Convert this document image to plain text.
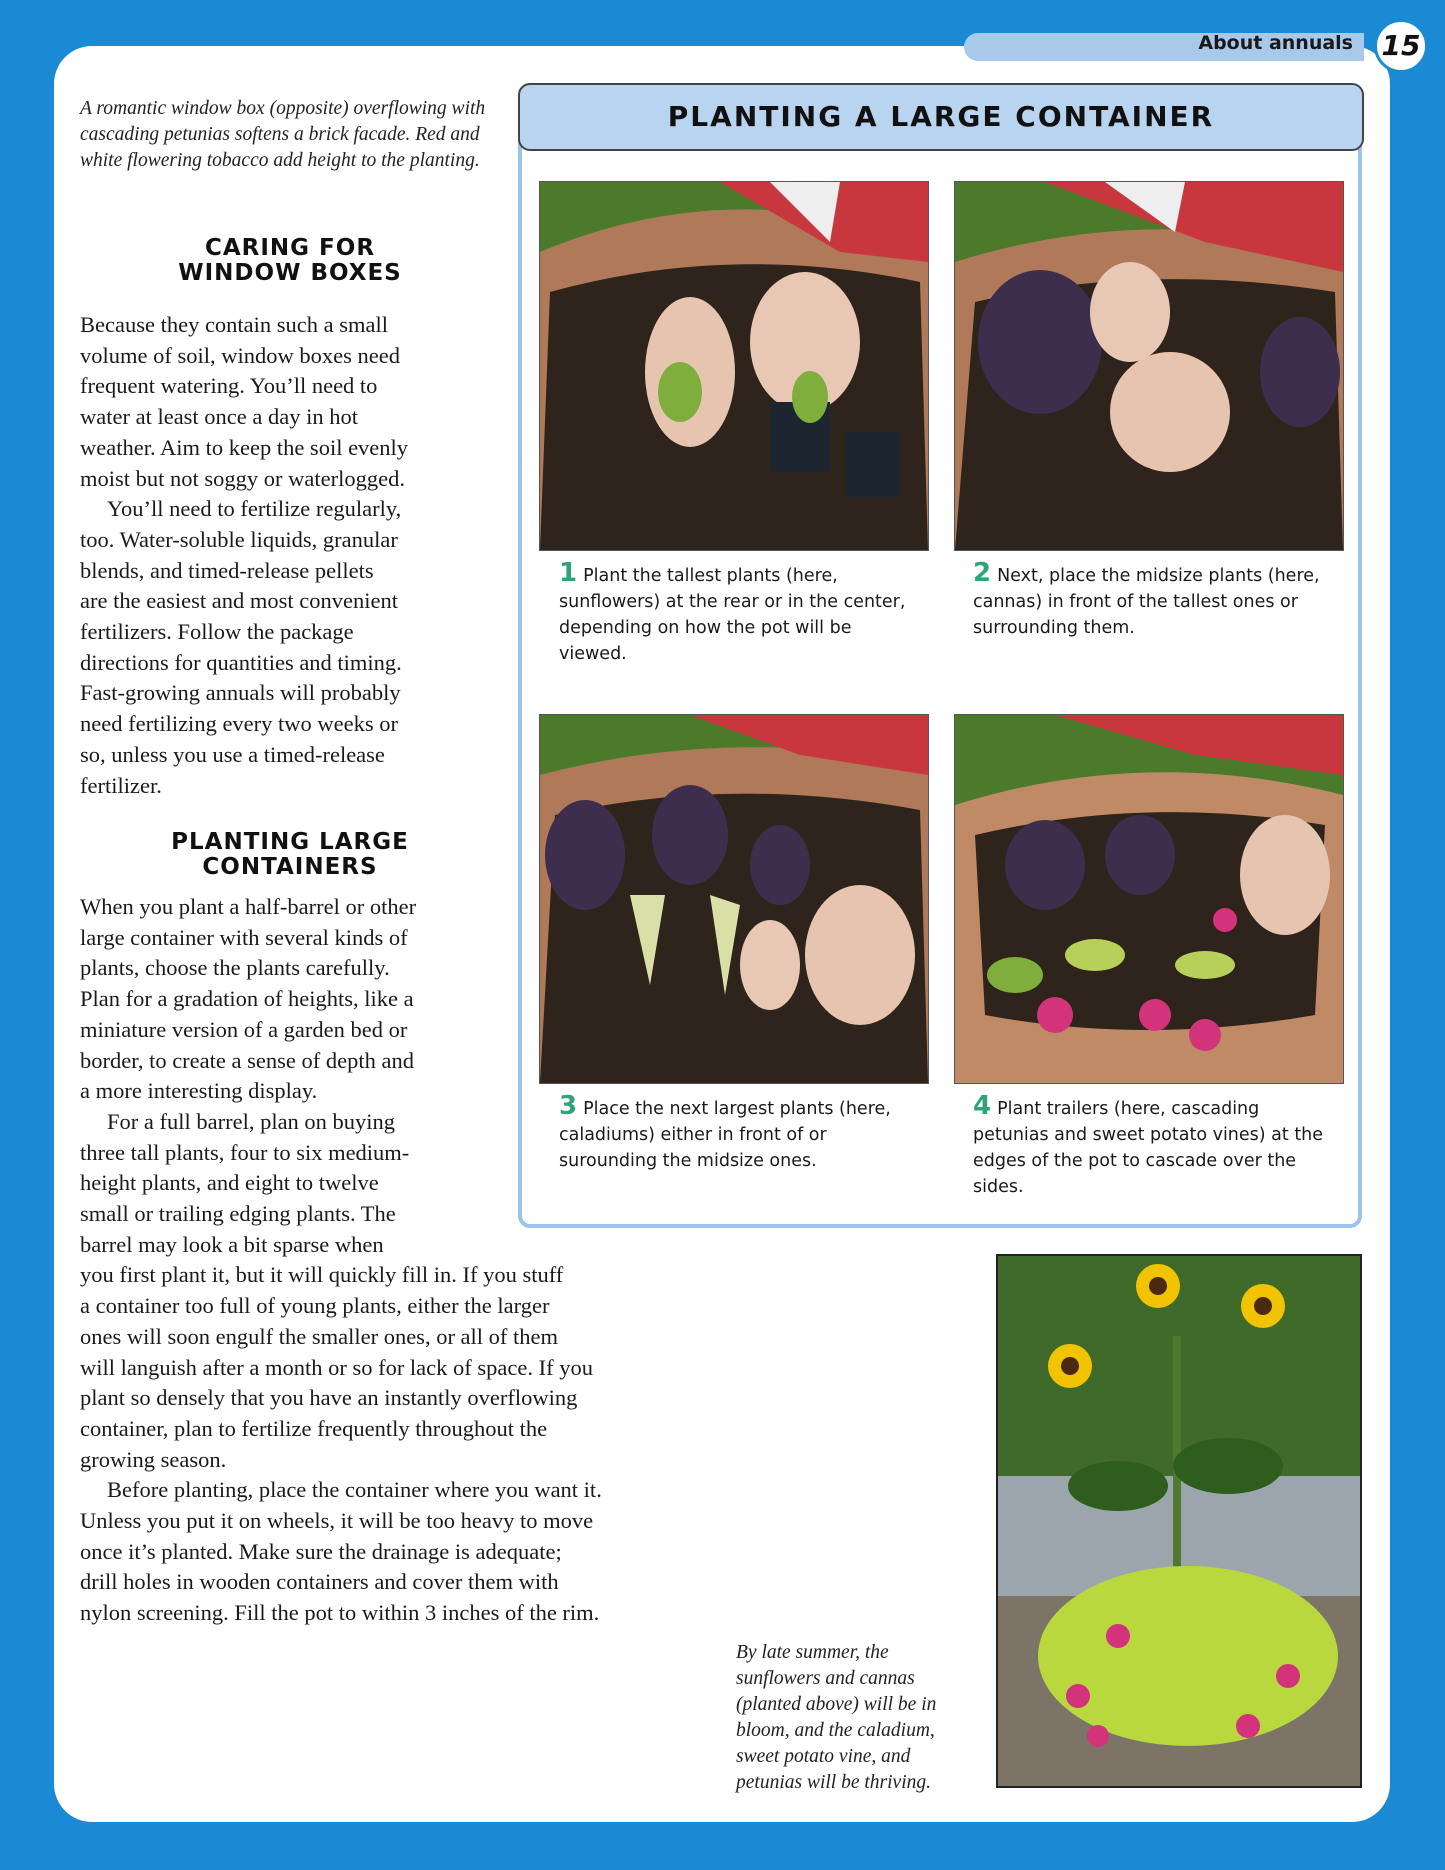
About annuals 15
A romantic window box (opposite) overflowing with cascading petunias softens a brick facade. Red and white flowering tobacco add height to the planting.
CARING FOR
WINDOW BOXES

Because they contain such a small
volume of soil, window boxes need
frequent watering. You’ll need to
water at least once a day in hot
weather. Aim to keep the soil evenly
moist but not soggy or waterlogged.

You’ll need to fertilize regularly,
too. Water-soluble liquids, granular
blends, and timed-release pellets
are the easiest and most convenient
fertilizers. Follow the package
directions for quantities and timing.
Fast-growing annuals will probably
need fertilizing every two weeks or
so, unless you use a timed-release
fertilizer.

PLANTING LARGE
CONTAINERS

When you plant a half-barrel or other
large container with several kinds of
plants, choose the plants carefully.
Plan for a gradation of heights, like a
miniature version of a garden bed or
border, to create a sense of depth and
a more interesting display.

For a full barrel, plan on buying
three tall plants, four to six medium-
height plants, and eight to twelve
small or trailing edging plants. The
barrel may look a bit sparse when

you first plant it, but it will quickly fill in. If you stuff
a container too full of young plants, either the larger
ones will soon engulf the smaller ones, or all of them
will languish after a month or so for lack of space. If you
plant so densely that you have an instantly overflowing
container, plan to fertilize frequently throughout the
growing season.

Before planting, place the container where you want it.
Unless you put it on wheels, it will be too heavy to move
once it’s planted. Make sure the drainage is adequate;
drill holes in wooden containers and cover them with
nylon screening. Fill the pot to within 3 inches of the rim.

PLANTING A LARGE CONTAINER
1 Plant the tallest plants (here, sunflowers) at the rear or in the center, depending on how the pot will be viewed.
2 Next, place the midsize plants (here, cannas) in front of the tallest ones or surrounding them.
3 Place the next largest plants (here, caladiums) either in front of or surounding the midsize ones.
4 Plant trailers (here, cascading petunias and sweet potato vines) at the edges of the pot to cascade over the sides.
By late summer, the sunflowers and cannas (planted above) will be in bloom, and the caladium, sweet potato vine, and petunias will be thriving.
